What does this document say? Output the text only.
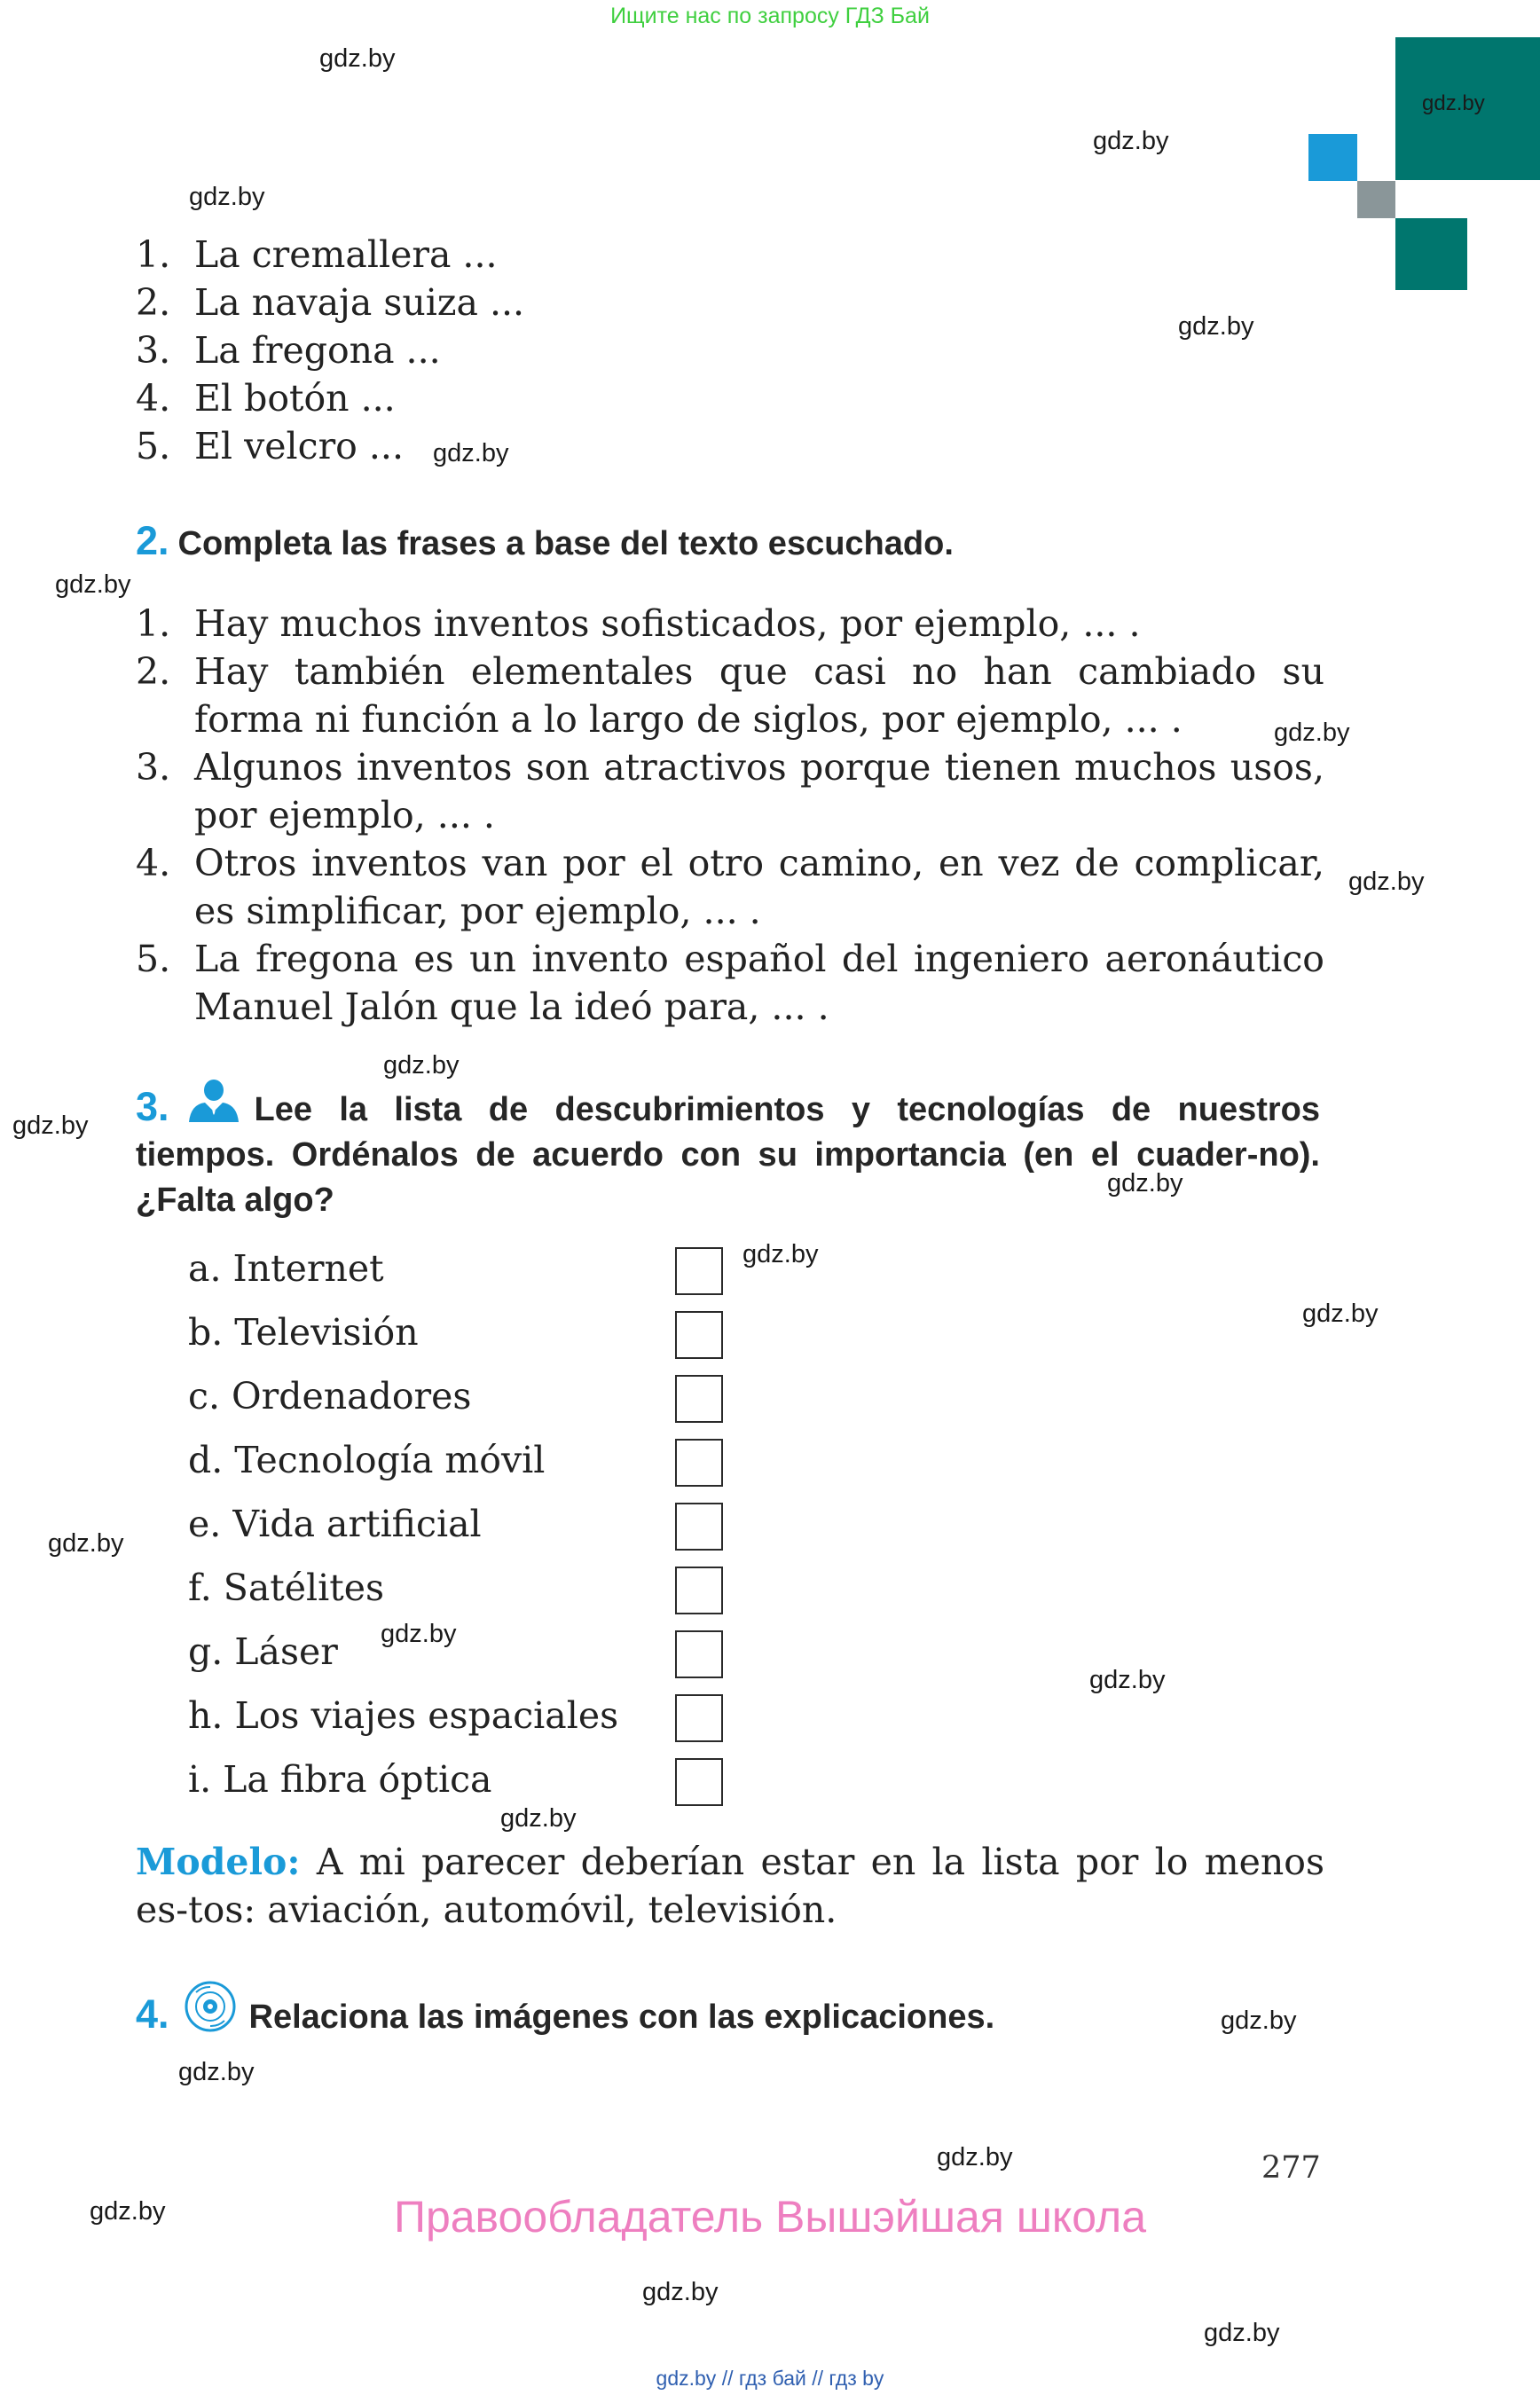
Ищите нас по запросу ГДЗ Бай
gdz.by
gdz.by
gdz.by
gdz.by
gdz.by
gdz.by
gdz.by
gdz.by
gdz.by
gdz.by
gdz.by
gdz.by
gdz.by
gdz.by
gdz.by
gdz.by
gdz.by
gdz.by
gdz.by
gdz.by
gdz.by
gdz.by
gdz.by
gdz.by
1. La cremallera ...
2. La navaja suiza ...
3. La fregona ...
4. El botón ...
5. El velcro ...
2. Completa las frases a base del texto escuchado.
1. Hay muchos inventos sofisticados, por ejemplo, ... .
2. Hay también elementales que casi no han cambiado su forma ni función a lo largo de siglos, por ejemplo, ... .
3. Algunos inventos son atractivos porque tienen muchos usos, por ejemplo, ... .
4. Otros inventos van por el otro camino, en vez de complicar, es simplificar, por ejemplo, ... .
5. La fregona es un invento español del ingeniero aeronáutico Manuel Jalón que la ideó para, ... .
3.	Lee la lista de descubrimientos y tecnologías de nuestros tiempos. Ordénalos de acuerdo con su importancia (en el cuader-no). ¿Falta algo?
a. Internet
b. Televisión
c. Ordenadores
d. Tecnología móvil
e. Vida artificial
f. Satélites
g. Láser
h. Los viajes espaciales
i. La fibra óptica
Modelo: A mi parecer deberían estar en la lista por lo menos es-tos: aviación, automóvil, televisión.
4. Relaciona las imágenes con las explicaciones.
277
Правообладатель Вышэйшая школа
gdz.by // гдз бай // гдз by
